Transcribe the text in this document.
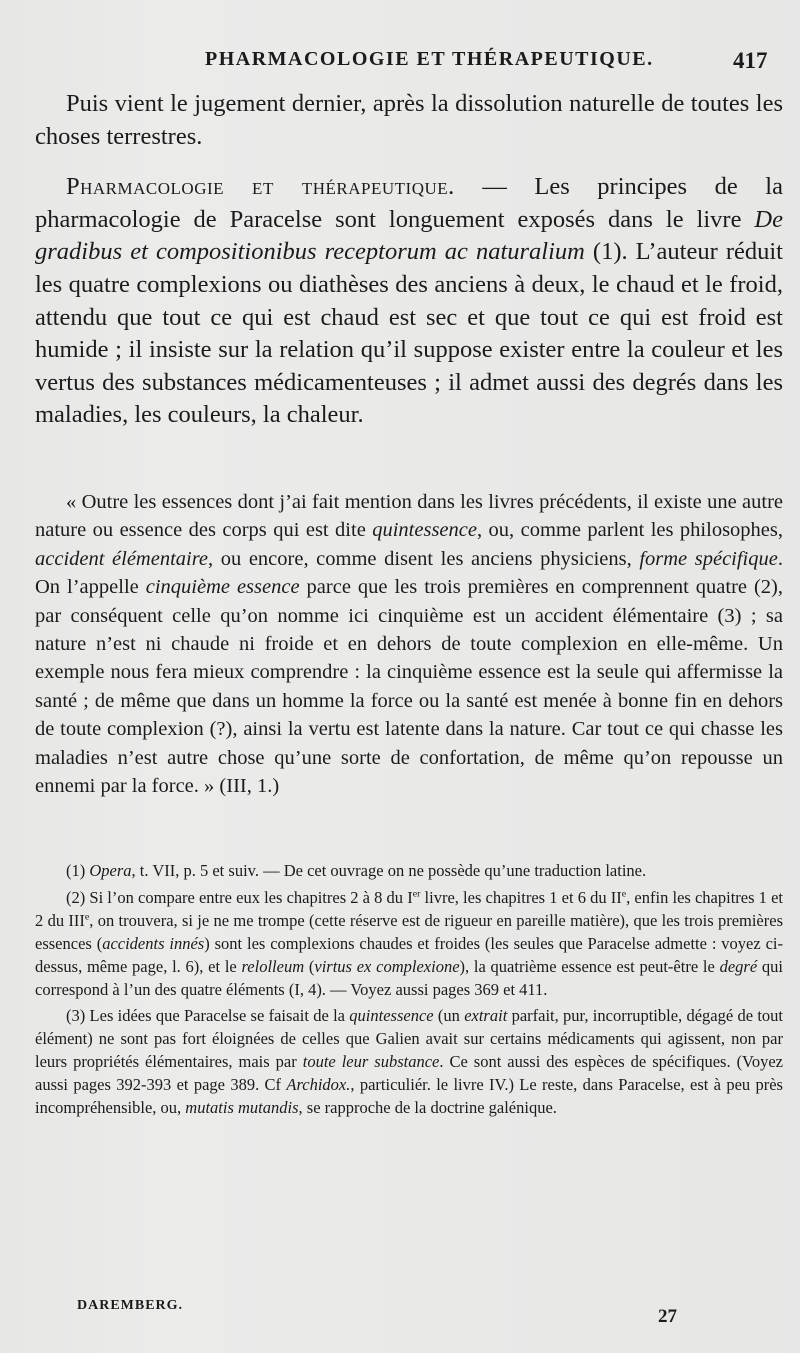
PHARMACOLOGIE ET THÉRAPEUTIQUE.	417

Puis vient le jugement dernier, après la dissolution naturelle de toutes les choses terrestres.

Pharmacologie et thérapeutique. — Les principes de la pharmacologie de Paracelse sont longuement exposés dans le livre De gradibus et compositionibus receptorum ac naturalium (1). L’auteur réduit les quatre complexions ou diathèses des anciens à deux, le chaud et le froid, attendu que tout ce qui est chaud est sec et que tout ce qui est froid est humide ; il insiste sur la relation qu’il suppose exister entre la couleur et les vertus des substances médicamenteuses ; il admet aussi des degrés dans les maladies, les couleurs, la chaleur.

« Outre les essences dont j’ai fait mention dans les livres précédents, il existe une autre nature ou essence des corps qui est dite quintessence, ou, comme parlent les philosophes, accident élémentaire, ou encore, comme disent les anciens physiciens, forme spécifique. On l’appelle cinquième essence parce que les trois premières en comprennent quatre (2), par conséquent celle qu’on nomme ici cinquième est un accident élémentaire (3) ; sa nature n’est ni chaude ni froide et en dehors de toute complexion en elle-même. Un exemple nous fera mieux comprendre : la cinquième essence est la seule qui affermisse la santé ; de même que dans un homme la force ou la santé est menée à bonne fin en dehors de toute complexion (?), ainsi la vertu est latente dans la nature. Car tout ce qui chasse les maladies n’est autre chose qu’une sorte de confortation, de même qu’on repousse un ennemi par la force. » (III, 1.)

(1) Opera, t. VII, p. 5 et suiv. — De cet ouvrage on ne possède qu’une traduction latine.

(2) Si l’on compare entre eux les chapitres 2 à 8 du Ier livre, les chapitres 1 et 6 du IIe, enfin les chapitres 1 et 2 du IIIe, on trouvera, si je ne me trompe (cette réserve est de rigueur en pareille matière), que les trois premières essences (accidents innés) sont les complexions chaudes et froides (les seules que Paracelse admette : voyez ci-dessus, même page, l. 6), et le relolleum (virtus ex complexione), la quatrième essence est peut-être le degré qui correspond à l’un des quatre éléments (I, 4). — Voyez aussi pages 369 et 411.

(3) Les idées que Paracelse se faisait de la quintessence (un extrait parfait, pur, incorruptible, dégagé de tout élément) ne sont pas fort éloignées de celles que Galien avait sur certains médicaments qui agissent, non par leurs propriétés élémentaires, mais par toute leur substance. Ce sont aussi des espèces de spécifiques. (Voyez aussi pages 392-393 et page 389. Cf Archidox., particuliér. le livre IV.) Le reste, dans Paracelse, est à peu près incompréhensible, ou, mutatis mutandis, se rapproche de la doctrine galénique.

DAREMBERG.
27
